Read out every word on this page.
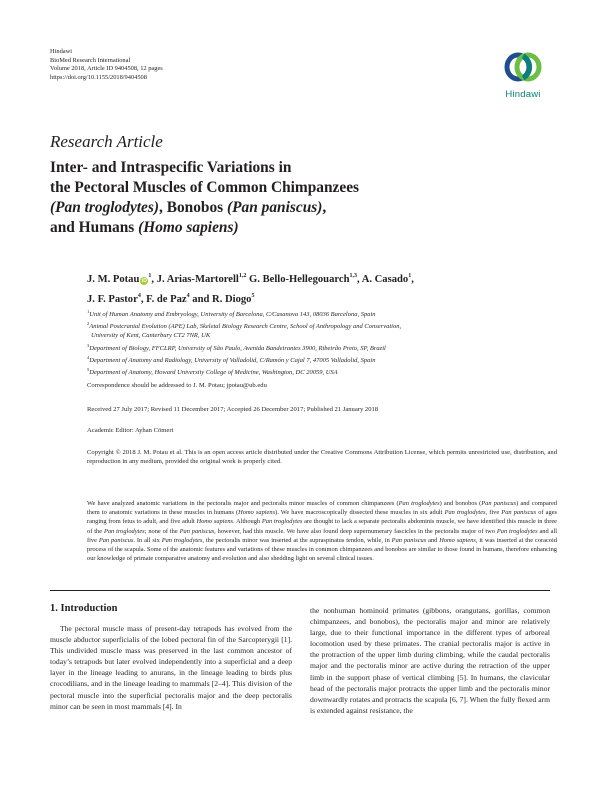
Hindawi
BioMed Research International
Volume 2018, Article ID 9404508, 12 pages
https://doi.org/10.1155/2018/9404508
Hindawi
Research Article
Inter- and Intraspecific Variations in
the Pectoral Muscles of Common Chimpanzees
(Pan troglodytes), Bonobos (Pan paniscus),
and Humans (Homo sapiens)
J. M. Potau $iD^1$, J. Arias-Martorell$^{1,2}$ G. Bello-Hellegouarch$^{1,3}$, A. Casado$^1$,
J. F. Pastor$^4$, F. de Paz$^4$ and R. Diogo$^5$
$^1$Unit of Human Anatomy and Embryology, University of Barcelona, C/Casanova 143, 08036 Barcelona, Spain
$^2$Animal Postcranial Evolution (APE) Lab, Skeletal Biology Research Centre, School of Anthropology and Conservation,
University of Kent, Canterbury CT2 7NR, UK
$^3$Department of Biology, FFCLRP, University of São Paulo, Avenida Bandeirantes 3900, Ribeirão Preto, SP, Brazil
$^4$Department of Anatomy and Radiology, University of Valladolid, C/Ramón y Cajal 7, 47005 Valladolid, Spain
$^5$Department of Anatomy, Howard University College of Medicine, Washington, DC 20059, USA
Correspondence should be addressed to J. M. Potau; jpotau@ub.edu
Received 27 July 2017; Revised 11 December 2017; Accepted 26 December 2017; Published 21 January 2018
Academic Editor: Ayhan Cömert
Copyright © 2018 J. M. Potau et al. This is an open access article distributed under the Creative Commons Attribution License, which permits unrestricted use, distribution, and reproduction in any medium, provided the original work is properly cited.
We have analyzed anatomic variations in the pectoralis major and pectoralis minor muscles of common chimpanzees (Pan troglodytes) and bonobos (Pan paniscus) and compared them to anatomic variations in these muscles in humans (Homo sapiens). We have macroscopically dissected these muscles in six adult Pan troglodytes, five Pan paniscus of ages ranging from fetus to adult, and five adult Homo sapiens. Although Pan troglodytes are thought to lack a separate pectoralis abdominis muscle, we have identified this muscle in three of the Pan troglodytes; none of the Pan paniscus, however, had this muscle. We have also found deep supernumerary fascicles in the pectoralis major of two Pan troglodytes and all five Pan paniscus. In all six Pan troglodytes, the pectoralis minor was inserted at the supraspinatus tendon, while, in Pan paniscus and Homo sapiens, it was inserted at the coracoid process of the scapula. Some of the anatomic features and variations of these muscles in common chimpanzees and bonobos are similar to those found in humans, therefore enhancing our knowledge of primate comparative anatomy and evolution and also shedding light on several clinical issues.
1. Introduction
The pectoral muscle mass of present-day tetrapods has evolved from the muscle abductor superficialis of the lobed pectoral fin of the Sarcopterygii [1]. This undivided muscle mass was preserved in the last common ancestor of today’s tetrapods but later evolved independently into a superficial and a deep layer in the lineage leading to anurans, in the lineage leading to birds plus crocodilians, and in the lineage leading to mammals [2–4]. This division of the pectoral muscle into the superficial pectoralis major and the deep pectoralis minor can be seen in most mammals [4]. In
the nonhuman hominoid primates (gibbons, orangutans, gorillas, common chimpanzees, and bonobos), the pectoralis major and minor are relatively large, due to their functional importance in the different types of arboreal locomotion used by these primates. The cranial pectoralis major is active in the protraction of the upper limb during climbing, while the caudal pectoralis major and the pectoralis minor are active during the retraction of the upper limb in the support phase of vertical climbing [5]. In humans, the clavicular head of the pectoralis major protracts the upper limb and the pectoralis minor downwardly rotates and protracts the scapula [6, 7]. When the fully flexed arm is extended against resistance, the
